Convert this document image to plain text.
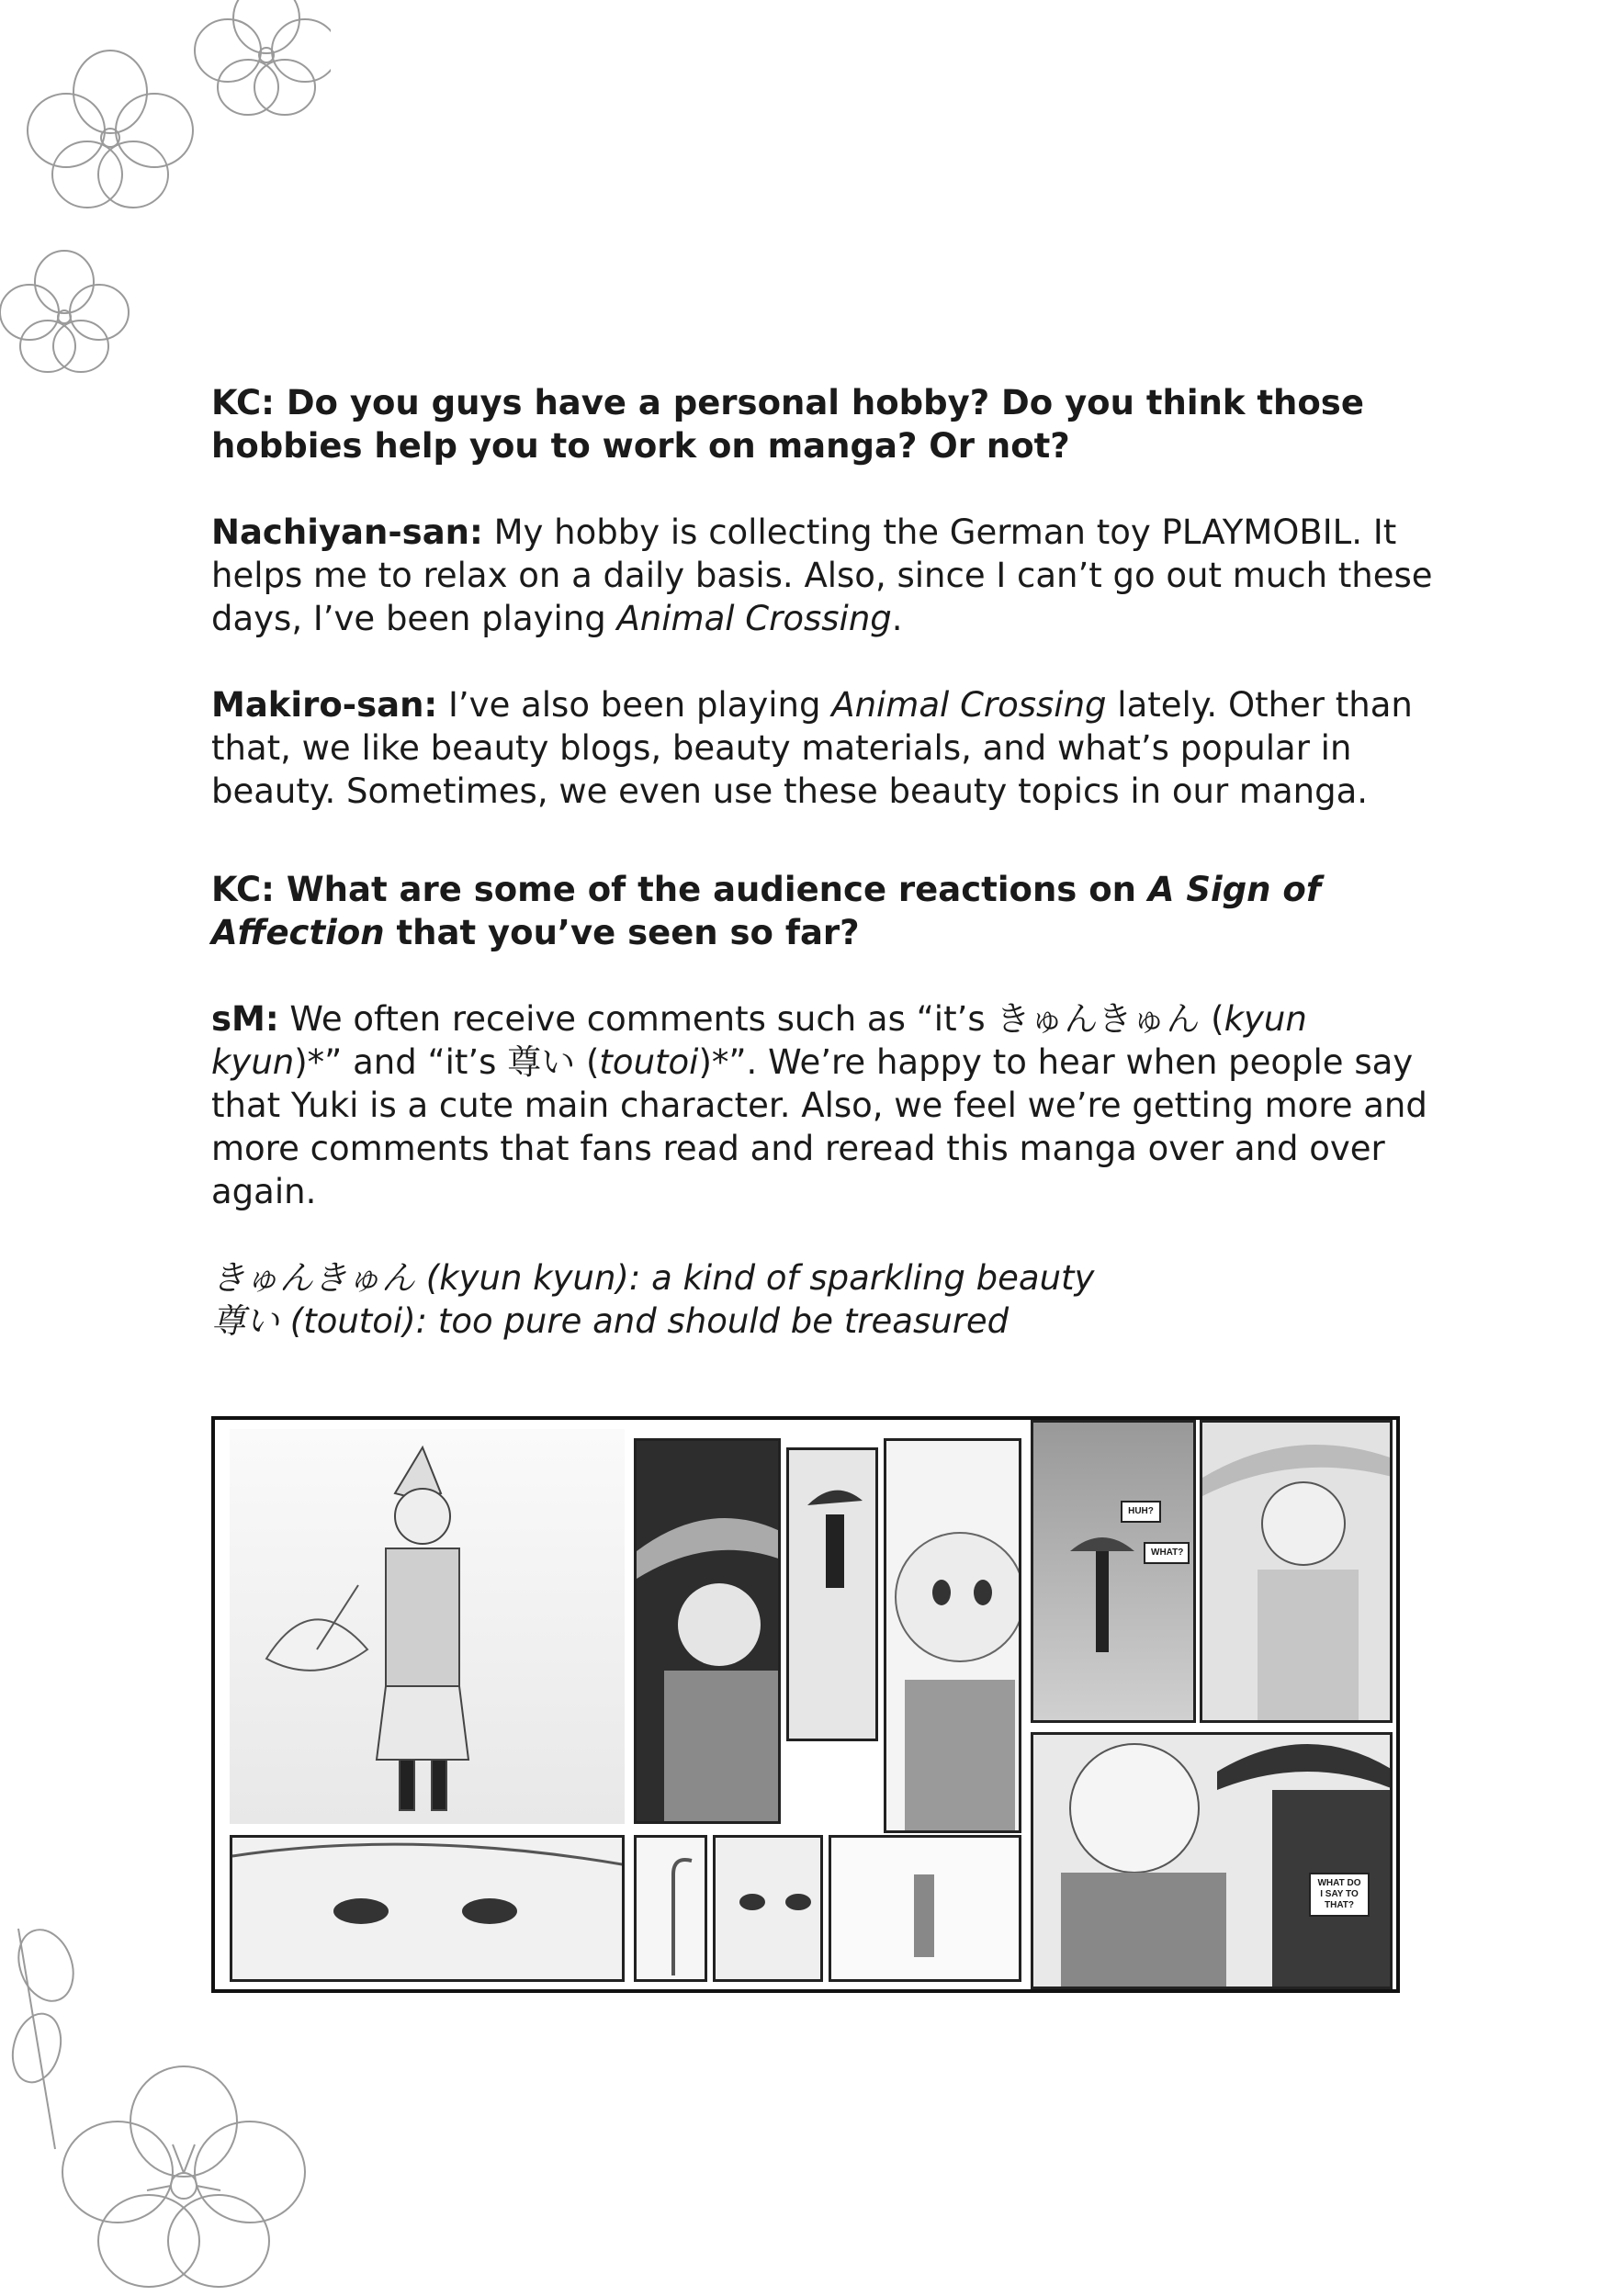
KC: Do you guys have a personal hobby? Do you think those hobbies help you to work on manga? Or not?

Nachiyan-san: My hobby is collecting the German toy PLAYMOBIL. It helps me to relax on a daily basis. Also, since I can’t go out much these days, I’ve been playing Animal Crossing.

Makiro-san: I’ve also been playing Animal Crossing lately. Other than that, we like beauty blogs, beauty materials, and what’s popular in beauty. Sometimes, we even use these beauty topics in our manga.

KC: What are some of the audience reactions on A Sign of Affection that you’ve seen so far?

sM: We often receive comments such as “it’s きゅんきゅん (kyun kyun)*” and “it’s 尊い (toutoi)*”. We’re happy to hear when people say that Yuki is a cute main character. Also, we feel we’re getting more and more comments that fans read and reread this manga over and over again.

きゅんきゅん (kyun kyun): a kind of sparkling beauty

尊い (toutoi): too pure and should be treasured

HUH?
WHAT?
WHAT DO I SAY TO THAT?
